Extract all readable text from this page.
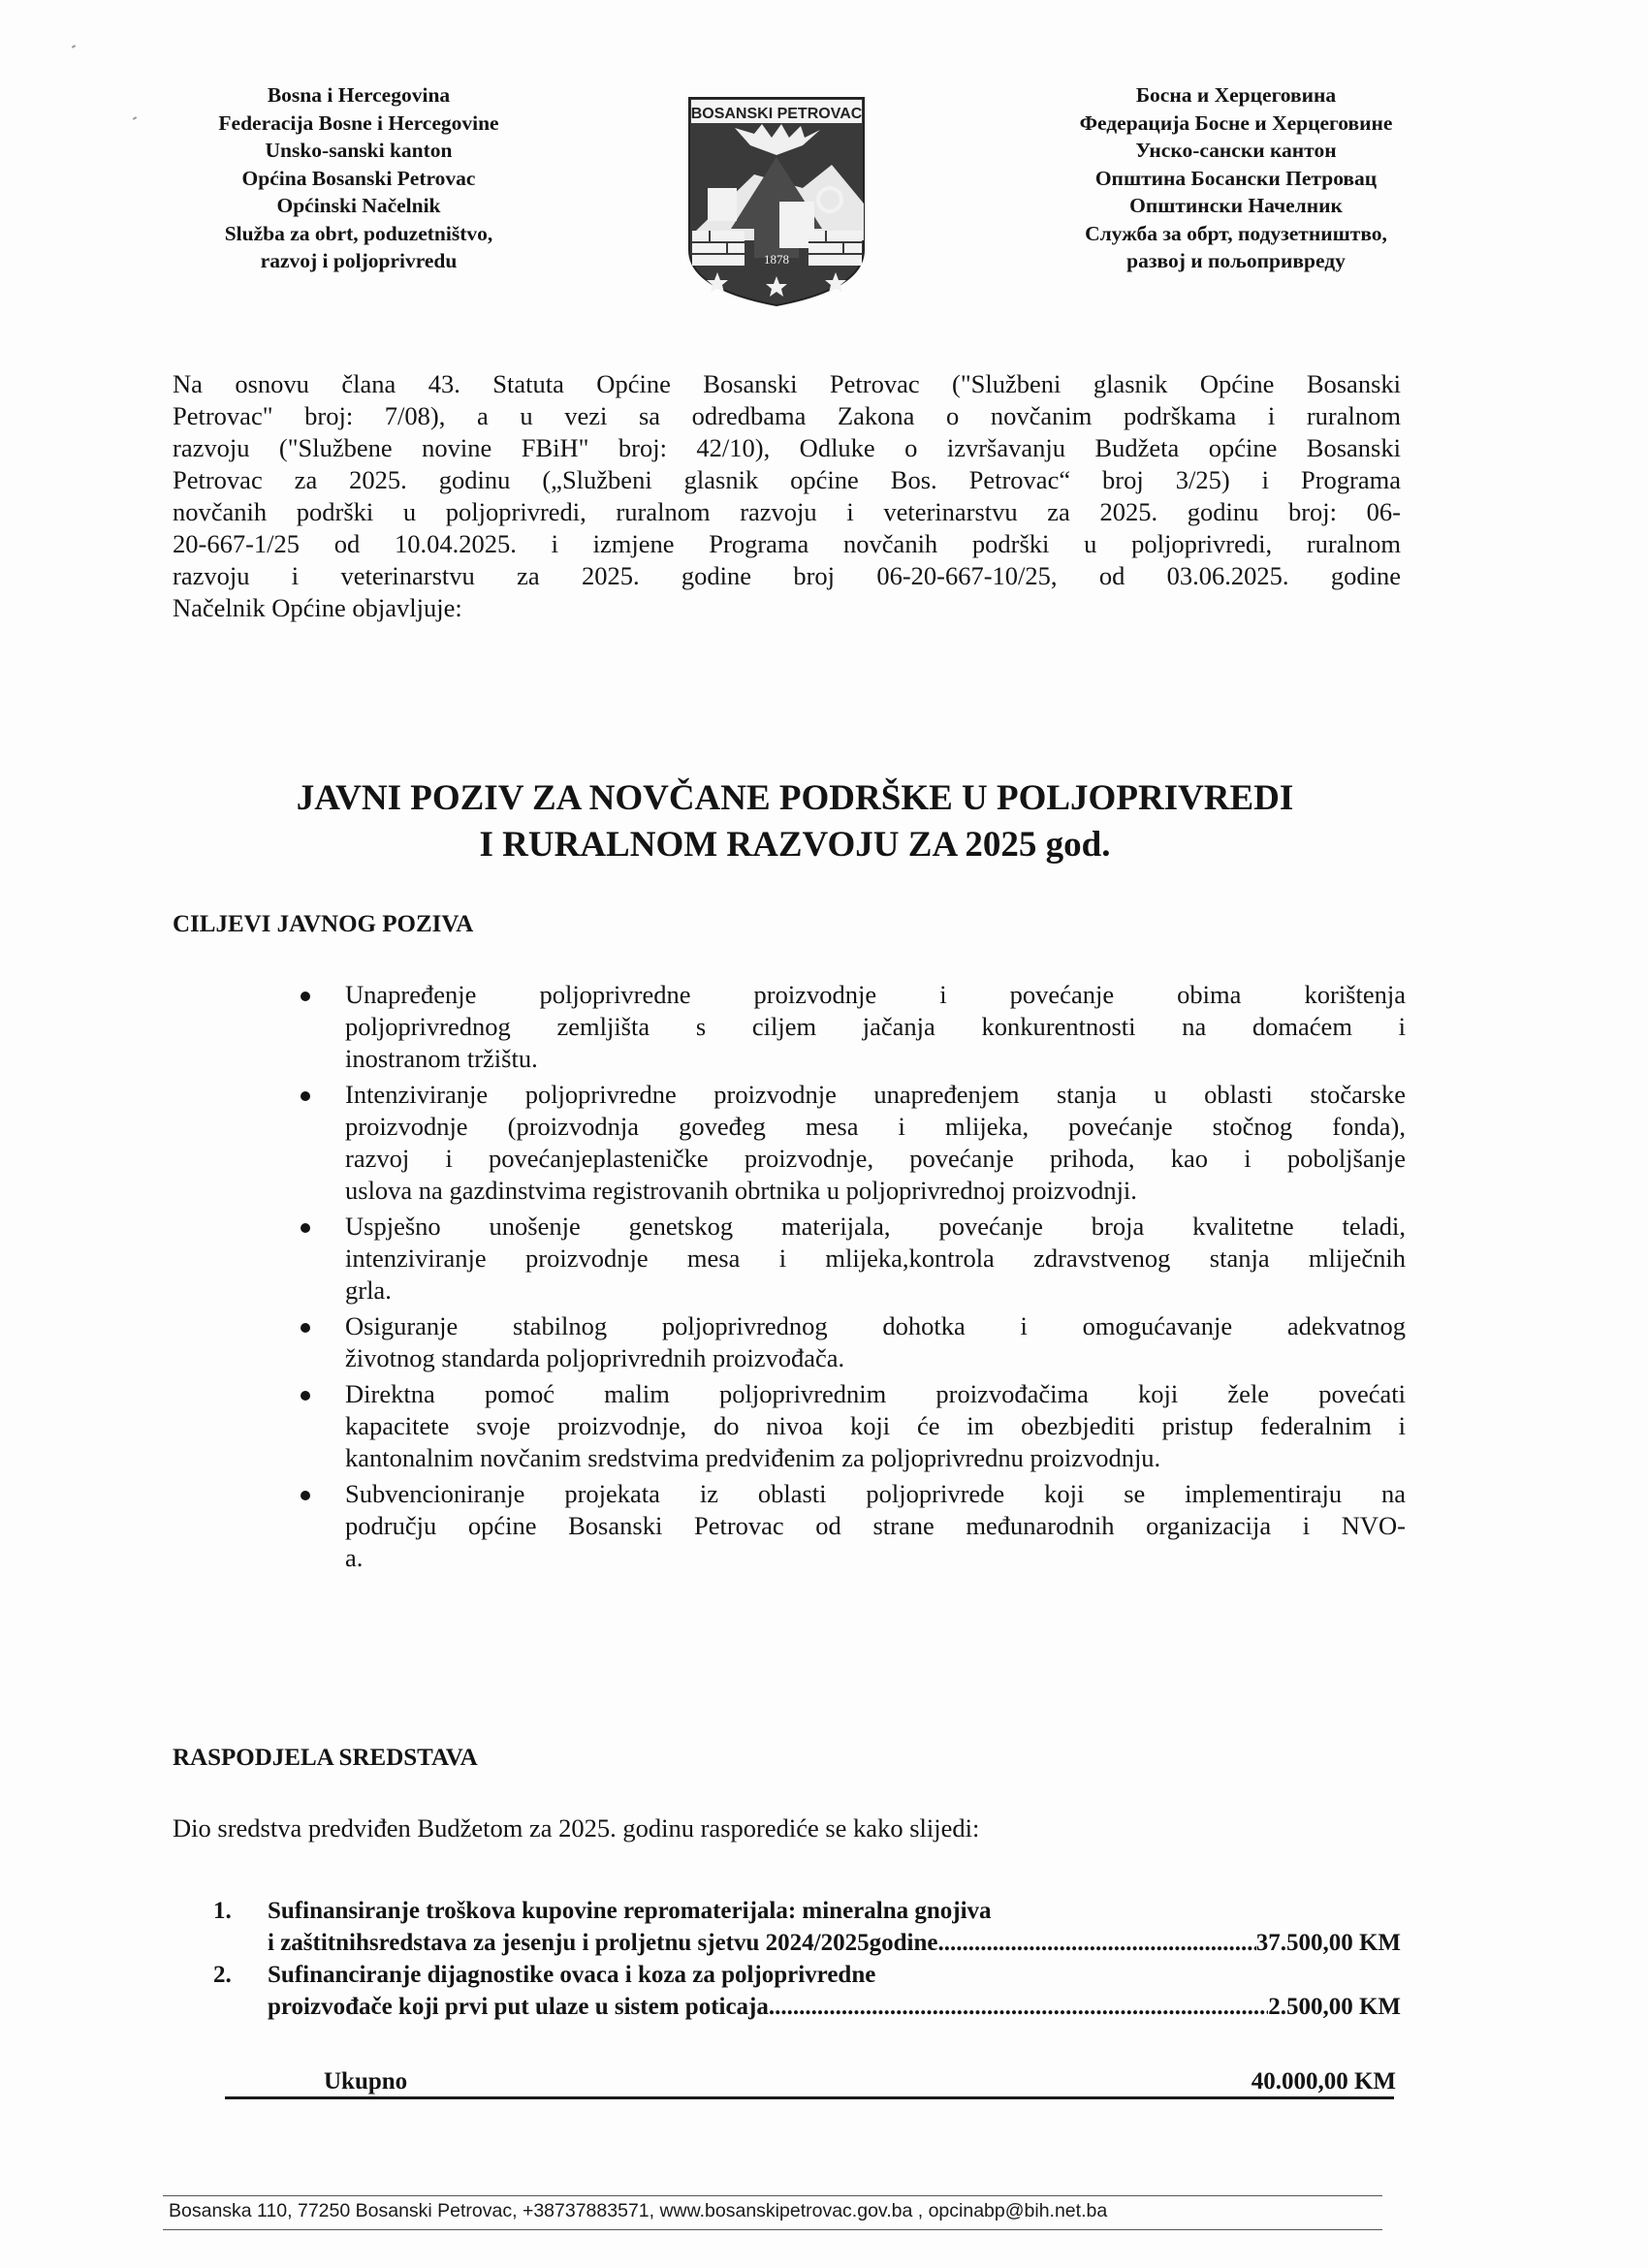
Bosna i Hercegovina
Federacija Bosne i Hercegovine
Unsko-sanski kanton
Općina Bosanski Petrovac
Općinski Načelnik
Služba za obrt, poduzetništvo,
razvoj i poljoprivredu
BOSANSKI PETROVAC
1878
Босна и Херцеговина
Федерација Босне и Херцеговине
Унско-сански кантон
Општина Босански Петровац
Општински Начелник
Служба за обрт, подузетништво,
развој и пољопривреду
Na osnovu člana 43. Statuta Općine Bosanski Petrovac ("Službeni glasnik Općine Bosanski
Petrovac" broj: 7/08), a u vezi sa odredbama Zakona o novčanim podrškama i ruralnom
razvoju ("Službene novine FBiH" broj: 42/10), Odluke o izvršavanju Budžeta općine Bosanski
Petrovac za 2025. godinu („Službeni glasnik općine Bos. Petrovac“ broj 3/25) i Programa
novčanih podrški u poljoprivredi, ruralnom razvoju i veterinarstvu za 2025. godinu broj: 06-
20-667-1/25 od 10.04.2025. i izmjene Programa novčanih podrški u poljoprivredi, ruralnom
razvoju i veterinarstvu za 2025. godine broj 06-20-667-10/25, od 03.06.2025. godine
Načelnik Općine objavljuje:
JAVNI POZIV ZA NOVČANE PODRŠKE U POLJOPRIVREDI
I RURALNOM RAZVOJU ZA 2025 god.
CILJEVI JAVNOG POZIVA
Unapređenje poljoprivredne proizvodnje i povećanje obima korištenja
poljoprivrednog zemljišta s ciljem jačanja konkurentnosti na domaćem i
inostranom tržištu.
Intenziviranje poljoprivredne proizvodnje unapređenjem stanja u oblasti stočarske
proizvodnje (proizvodnja goveđeg mesa i mlijeka, povećanje stočnog fonda),
razvoj i povećanjeplasteničke proizvodnje, povećanje prihoda, kao i poboljšanje
uslova na gazdinstvima registrovanih obrtnika u poljoprivrednoj proizvodnji.
Uspješno unošenje genetskog materijala, povećanje broja kvalitetne teladi,
intenziviranje proizvodnje mesa i mlijeka,kontrola zdravstvenog stanja mliječnih
grla.
Osiguranje stabilnog poljoprivrednog dohotka i omogućavanje adekvatnog
životnog standarda poljoprivrednih proizvođača.
Direktna pomoć malim poljoprivrednim proizvođačima koji žele povećati
kapacitete svoje proizvodnje, do nivoa koji će im obezbjediti pristup federalnim i
kantonalnim novčanim sredstvima predviđenim za poljoprivrednu proizvodnju.
Subvencioniranje projekata iz oblasti poljoprivrede koji se implementiraju na
području općine Bosanski Petrovac od strane međunarodnih organizacija i NVO-
a.
RASPODJELA SREDSTAVA
Dio sredstva predviđen Budžetom za 2025. godinu rasporediće se kako slijedi:
1. Sufinansiranje troškova kupovine repromaterijala: mineralna gnojiva
i zaštitnihsredstava za jesenju i proljetnu sjetvu 2024/2025godine .....	37.500,00 KM
2. Sufinanciranje dijagnostike ovaca i koza za poljoprivredne
proizvođače koji prvi put ulaze u sistem poticaja .....	2.500,00 KM
Ukupno	40.000,00 KM
Bosanska 110, 77250 Bosanski Petrovac, +38737883571, www.bosanskipetrovac.gov.ba , opcinabp@bih.net.ba
